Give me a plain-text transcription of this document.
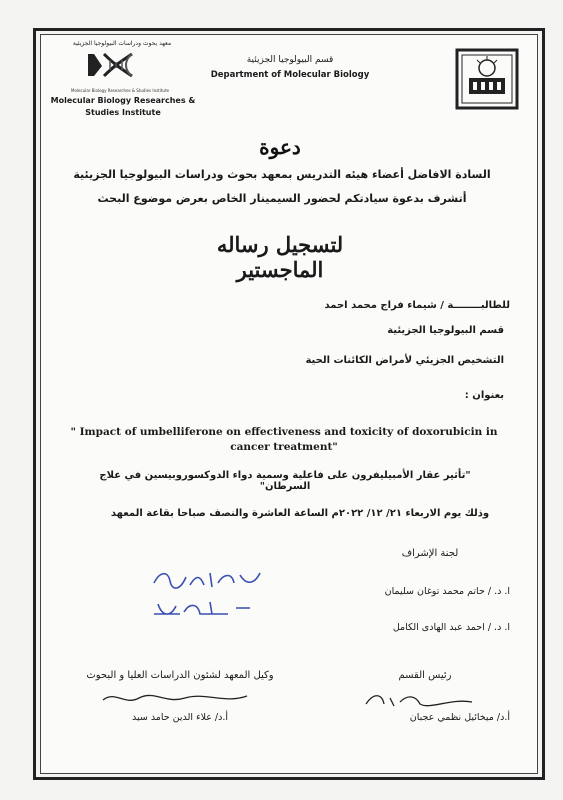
معهد بحوث ودراسات البيولوجيا الجزيئية
Molecular Biology Researches & Studies Institute
Molecular Biology Researches & Studies Institute
قسم البيولوجيا الجزيئية
Department of Molecular Biology
دعوة
السادة الافاضل أعضاء هيئه التدريس بمعهد بحوث ودراسات البيولوجيا الجزيئية
أتشرف بدعوة سيادتكم لحضور السيمينار الخاص بعرض موضوع البحث
لتسجيل رساله الماجستير
للطالبــــــــة / شيماء فراج محمد احمد
قسم البيولوجيا الجزيئية
التشخيص الجزيئي لأمراض الكائنات الحية
بعنوان :
" Impact of umbelliferone on effectiveness and toxicity of doxorubicin in cancer treatment"
"تأثير عقار الأمبيليفرون على فاعلية وسمية دواء الدوكسوروبيسين في علاج السرطان"
وذلك يوم الاربعاء ٢١/ ١٢/ ٢٠٢٢م الساعة العاشرة والنصف صباحا بقاعة المعهد
لجنة الإشراف
ا. د. / حاتم محمد توغان سليمان
ا. د. / احمد عبد الهادى الكامل
رئيس القسم
أ.د/ ميخائيل نظمي عجبان
وكيل المعهد لشئون الدراسات العليا و البحوث
أ.د/ علاء الدين حامد سيد
